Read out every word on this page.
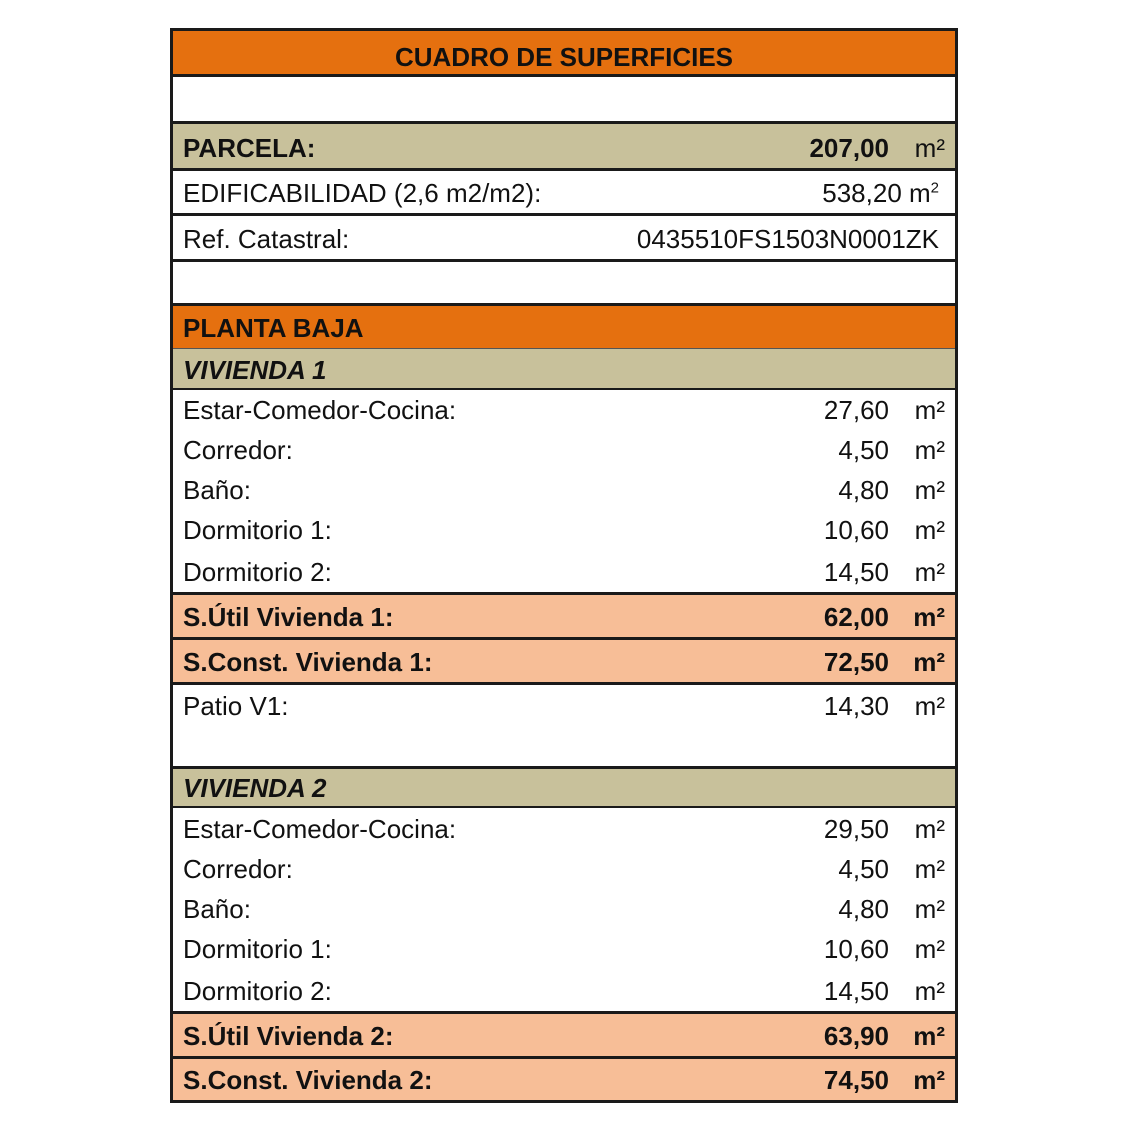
CUADRO DE SUPERFICIES
PARCELA:	207,00 m²
EDIFICABILIDAD (2,6 m2/m2):	538,20 $m^2$
Ref. Catastral:	0435510FS1503N0001ZK
PLANTA BAJA
VIVIENDA 1
Estar-Comedor-Cocina:	27,60 m²
Corredor:	4,50 m²
Baño:	4,80 m²
Dormitorio 1:	10,60 m²
Dormitorio 2:	14,50 m²
S.Útil Vivienda 1:	62,00 m²
S.Const. Vivienda 1:	72,50 m²
Patio V1:	14,30 m²
VIVIENDA 2
Estar-Comedor-Cocina:	29,50 m²
Corredor:	4,50 m²
Baño:	4,80 m²
Dormitorio 1:	10,60 m²
Dormitorio 2:	14,50 m²
S.Útil Vivienda 2:	63,90 m²
S.Const. Vivienda 2:	74,50 m²
